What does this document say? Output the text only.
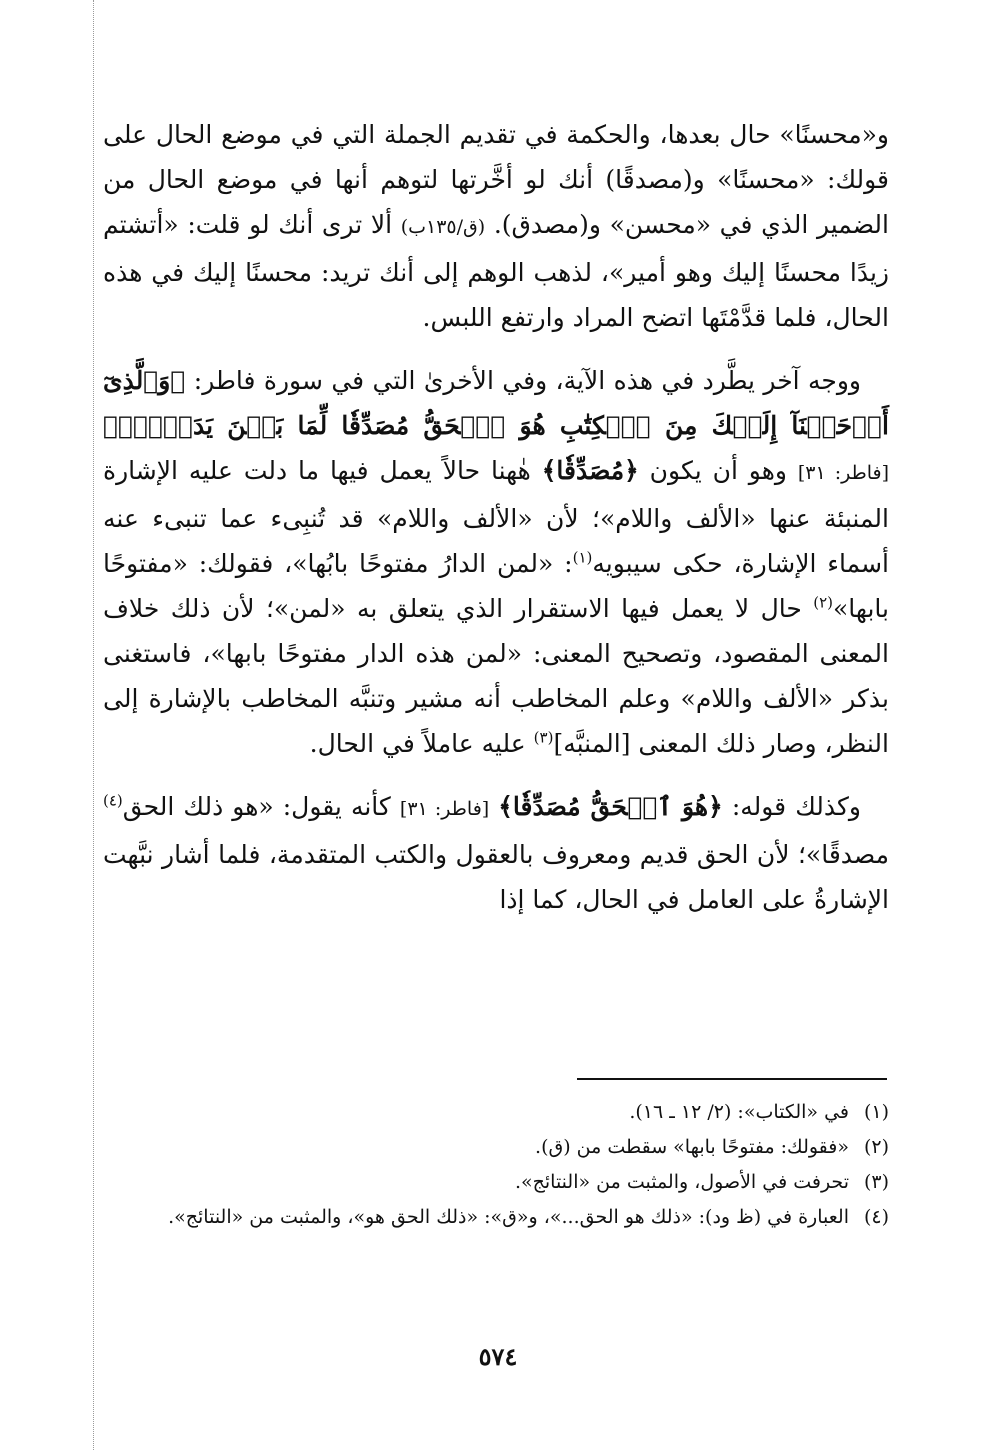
و«محسنًا» حال بعدها، والحكمة في تقديم الجملة التي في موضع الحال على قولك: «محسنًا» و(مصدقًا) أنك لو أخَّرتها لتوهم أنها في موضع الحال من الضمير الذي في «محسن» و(مصدق). (ق/١٣٥ب) ألا ترى أنك لو قلت: «أتشتم زيدًا محسنًا إليك وهو أمير»، لذهب الوهم إلى أنك تريد: محسنًا إليك في هذه الحال، فلما قدَّمْتَها اتضح المراد وارتفع اللبس.

ووجه آخر يطَّرد في هذه الآية، وفي الأخرىٰ التي في سورة فاطر: ﴿وَٱلَّذِىٓ أَوۡحَيۡنَآ إِلَيۡكَ مِنَ ٱلۡكِتَٰبِ هُوَ ٱلۡحَقُّ مُصَدِّقٗا لِّمَا بَيۡنَ يَدَيۡهِۗ﴾ [فاطر: ٣١] وهو أن يكون ﴿مُصَدِّقٗا﴾ هٰهنا حالاً يعمل فيها ما دلت عليه الإشارة المنبئة عنها «الألف واللام»؛ لأن «الألف واللام» قد تُنبِىء عما تنبىء عنه أسماء الإشارة، حكى سيبويه$^{(١)}$: «لمن الدارُ مفتوحًا بابُها»، فقولك: «مفتوحًا بابها»$^{(٢)}$ حال لا يعمل فيها الاستقرار الذي يتعلق به «لمن»؛ لأن ذلك خلاف المعنى المقصود، وتصحيح المعنى: «لمن هذه الدار مفتوحًا بابها»، فاستغنى بذكر «الألف واللام» وعلم المخاطب أنه مشير وتنبَّه المخاطب بالإشارة إلى النظر، وصار ذلك المعنى [المنبَّه]$^{(٣)}$ عليه عاملاً في الحال.

وكذلك قوله: ﴿هُوَ ٱلۡحَقُّ مُصَدِّقٗا﴾ [فاطر: ٣١] كأنه يقول: «هو ذلك الحق$^{(٤)}$ مصدقًا»؛ لأن الحق قديم ومعروف بالعقول والكتب المتقدمة، فلما أشار نبَّهت الإشارةُ على العامل في الحال، كما إذا

(١)
في «الكتاب»: (٢/ ١٢ ـ ١٦).
(٢)
«فقولك: مفتوحًا بابها» سقطت من (ق).
(٣)
تحرفت في الأصول، والمثبت من «النتائج».
(٤)
العبارة في (ظ ود): «ذلك هو الحق...»، و«ق»: «ذلك الحق هو»، والمثبت من «النتائج».
٥٧٤
